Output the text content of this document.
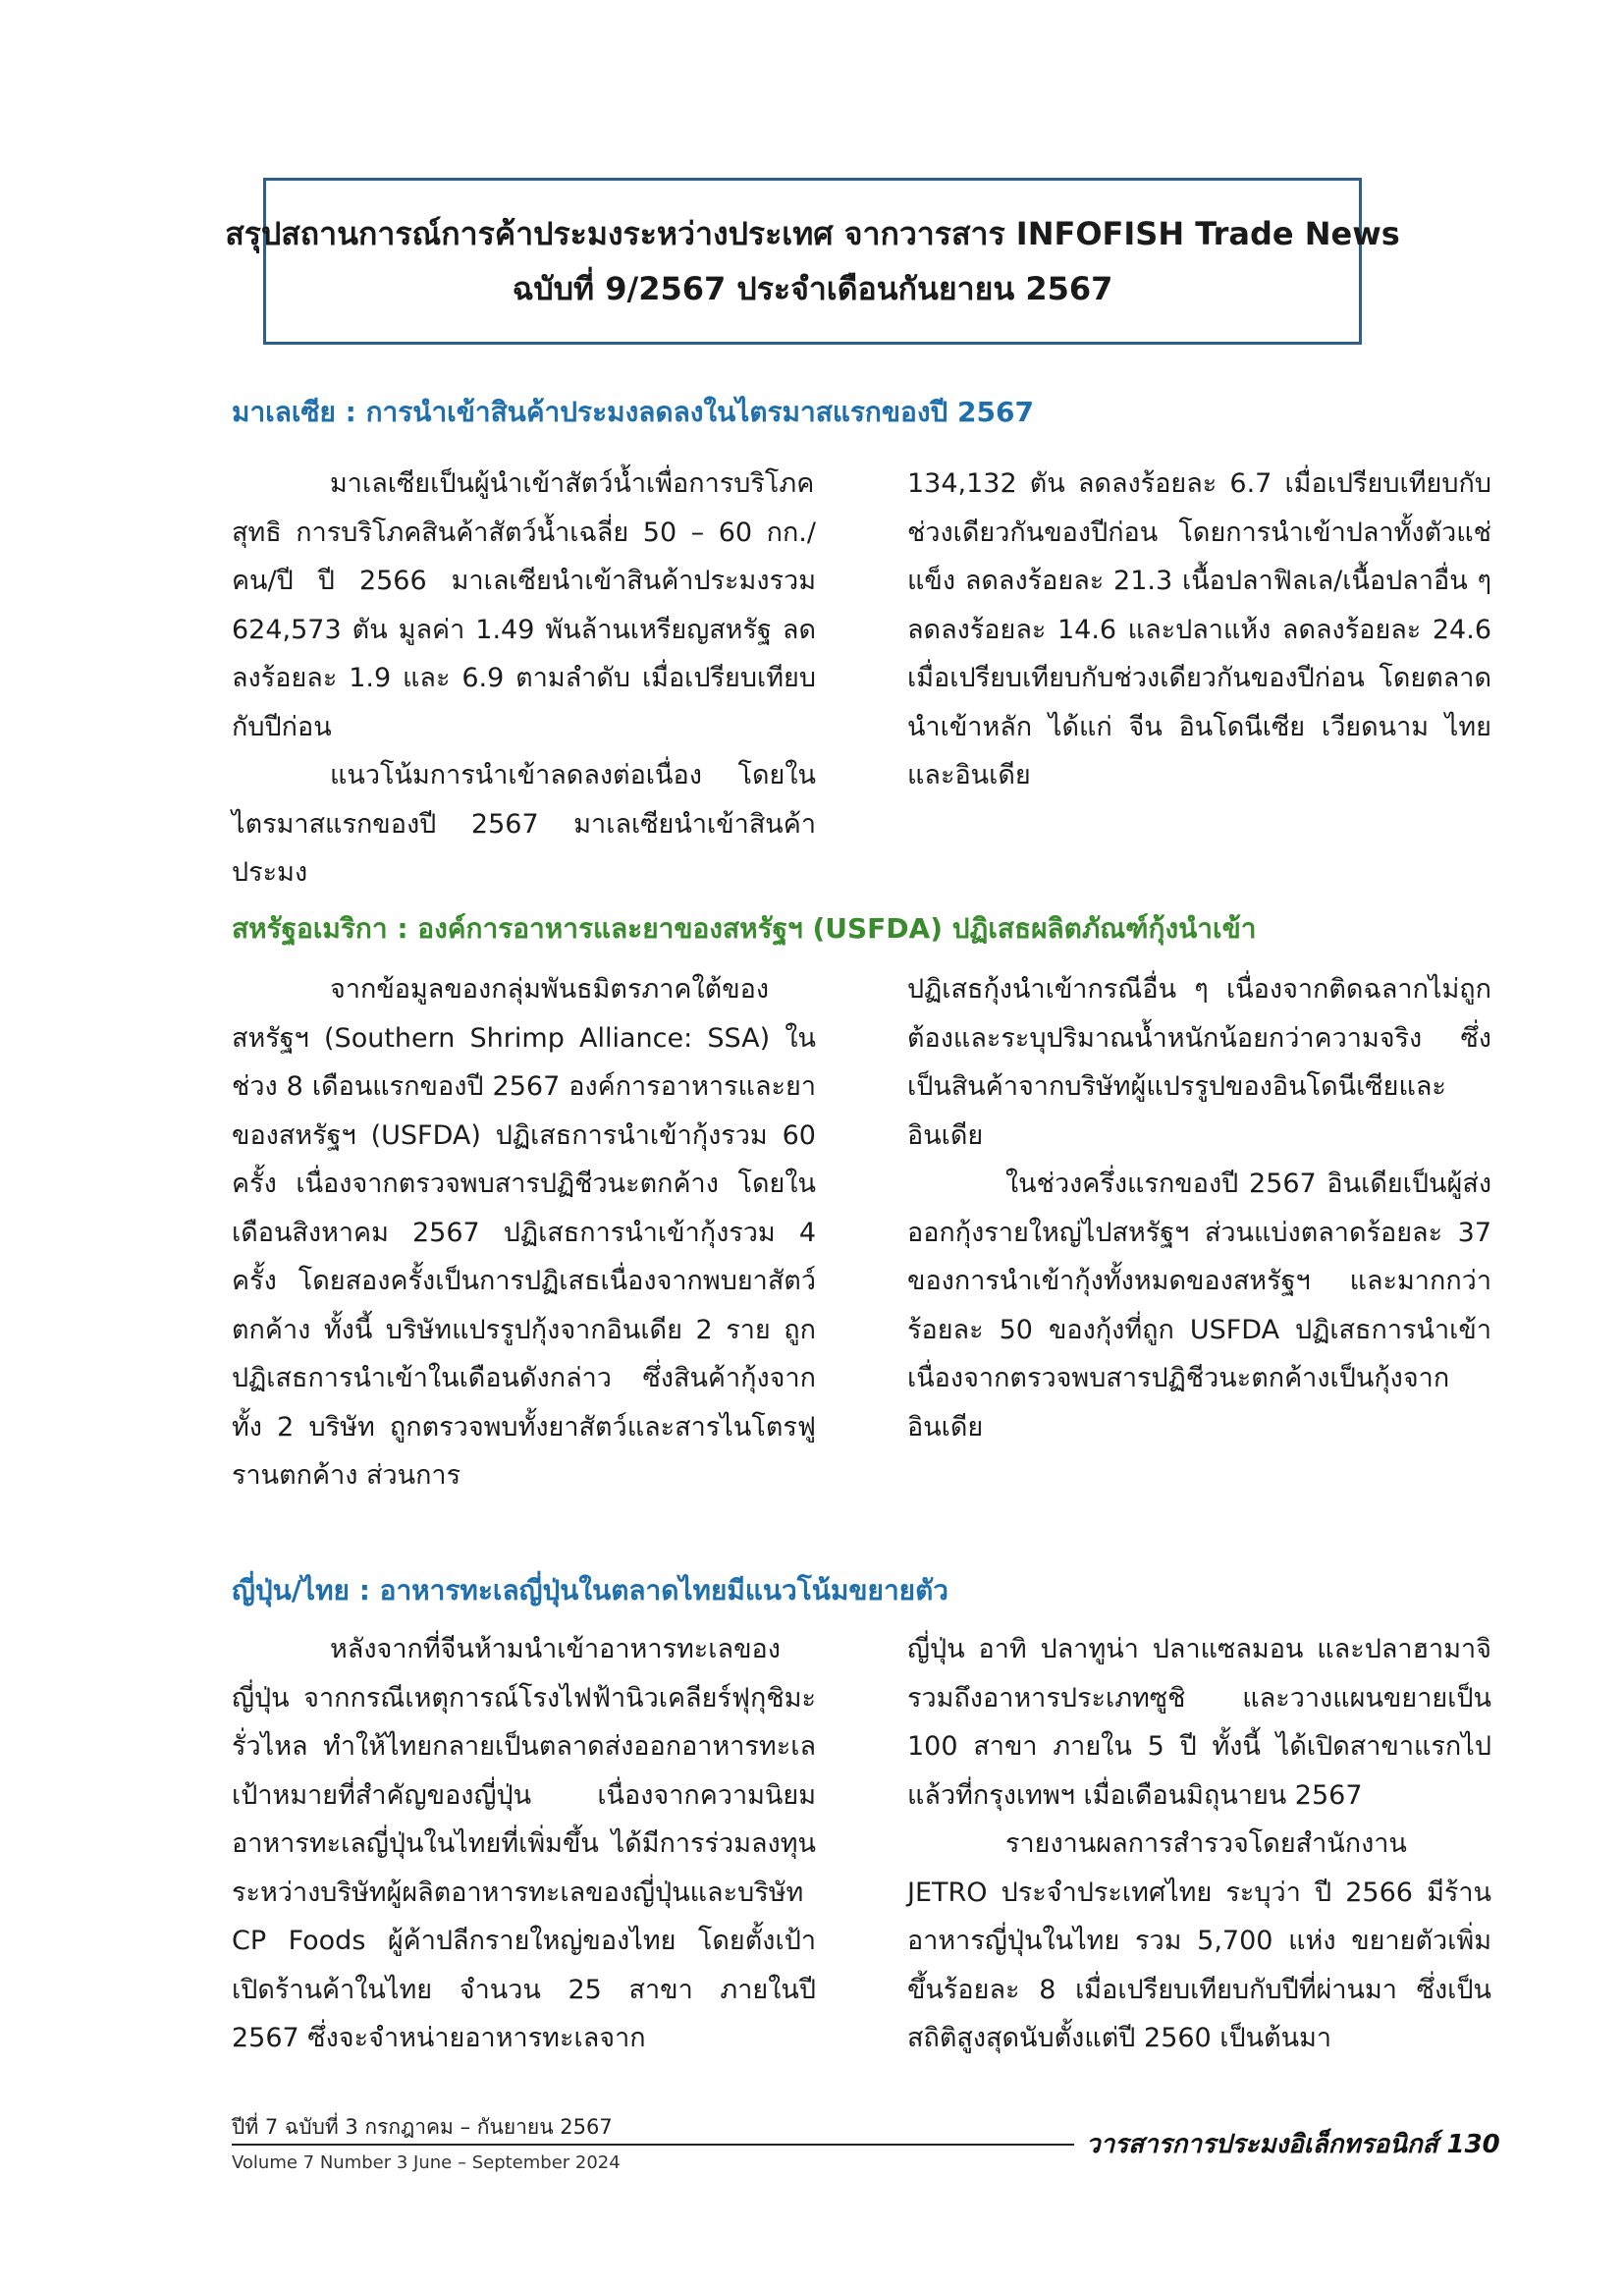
สรุปสถานการณ์การค้าประมงระหว่างประเทศ จากวารสาร INFOFISH Trade News
ฉบับที่ 9/2567 ประจำเดือนกันยายน 2567
มาเลเซีย : การนำเข้าสินค้าประมงลดลงในไตรมาสแรกของปี 2567

มาเลเซียเป็นผู้นำเข้าสัตว์น้ำเพื่อการบริโภคสุทธิ การบริโภคสินค้าสัตว์น้ำเฉลี่ย 50 – 60 กก./คน/ปี ปี 2566 มาเลเซียนำเข้าสินค้าประมงรวม 624,573 ตัน มูลค่า 1.49 พันล้านเหรียญสหรัฐ ลดลงร้อยละ 1.9 และ 6.9 ตามลำดับ เมื่อเปรียบเทียบกับปีก่อน

แนวโน้มการนำเข้าลดลงต่อเนื่อง โดยในไตรมาสแรกของปี 2567 มาเลเซียนำเข้าสินค้าประมง

134,132 ตัน ลดลงร้อยละ 6.7 เมื่อเปรียบเทียบกับช่วงเดียวกันของปีก่อน โดยการนำเข้าปลาทั้งตัวแช่แข็ง ลดลงร้อยละ 21.3 เนื้อปลาฟิลเล/เนื้อปลาอื่น ๆ ลดลงร้อยละ 14.6 และปลาแห้ง ลดลงร้อยละ 24.6 เมื่อเปรียบเทียบกับช่วงเดียวกันของปีก่อน โดยตลาดนำเข้าหลัก ได้แก่ จีน อินโดนีเซีย เวียดนาม ไทย และอินเดีย

สหรัฐอเมริกา : องค์การอาหารและยาของสหรัฐฯ (USFDA) ปฏิเสธผลิตภัณฑ์กุ้งนำเข้า

จากข้อมูลของกลุ่มพันธมิตรภาคใต้ของสหรัฐฯ (Southern Shrimp Alliance: SSA) ในช่วง 8 เดือนแรกของปี 2567 องค์การอาหารและยาของสหรัฐฯ (USFDA) ปฏิเสธการนำเข้ากุ้งรวม 60 ครั้ง เนื่องจากตรวจพบสารปฏิชีวนะตกค้าง โดยในเดือนสิงหาคม 2567 ปฏิเสธการนำเข้ากุ้งรวม 4 ครั้ง โดยสองครั้งเป็นการปฏิเสธเนื่องจากพบยาสัตว์ตกค้าง ทั้งนี้ บริษัทแปรรูปกุ้งจากอินเดีย 2 ราย ถูกปฏิเสธการนำเข้าในเดือนดังกล่าว ซึ่งสินค้ากุ้งจากทั้ง 2 บริษัท ถูกตรวจพบทั้งยาสัตว์และสารไนโตรฟูรานตกค้าง ส่วนการ

ปฏิเสธกุ้งนำเข้ากรณีอื่น ๆ เนื่องจากติดฉลากไม่ถูกต้องและระบุปริมาณน้ำหนักน้อยกว่าความจริง ซึ่งเป็นสินค้าจากบริษัทผู้แปรรูปของอินโดนีเซียและอินเดีย

ในช่วงครึ่งแรกของปี 2567 อินเดียเป็นผู้ส่งออกกุ้งรายใหญ่ไปสหรัฐฯ ส่วนแบ่งตลาดร้อยละ 37 ของการนำเข้ากุ้งทั้งหมดของสหรัฐฯ และมากกว่าร้อยละ 50 ของกุ้งที่ถูก USFDA ปฏิเสธการนำเข้าเนื่องจากตรวจพบสารปฏิชีวนะตกค้างเป็นกุ้งจากอินเดีย

ญี่ปุ่น/ไทย : อาหารทะเลญี่ปุ่นในตลาดไทยมีแนวโน้มขยายตัว

หลังจากที่จีนห้ามนำเข้าอาหารทะเลของญี่ปุ่น จากกรณีเหตุการณ์โรงไฟฟ้านิวเคลียร์ฟุกุชิมะรั่วไหล ทำให้ไทยกลายเป็นตลาดส่งออกอาหารทะเลเป้าหมายที่สำคัญของญี่ปุ่น เนื่องจากความนิยมอาหารทะเลญี่ปุ่นในไทยที่เพิ่มขึ้น ได้มีการร่วมลงทุนระหว่างบริษัทผู้ผลิตอาหารทะเลของญี่ปุ่นและบริษัท CP Foods ผู้ค้าปลีกรายใหญ่ของไทย โดยตั้งเป้าเปิดร้านค้าในไทย จำนวน 25 สาขา ภายในปี 2567 ซึ่งจะจำหน่ายอาหารทะเลจาก

ญี่ปุ่น อาทิ ปลาทูน่า ปลาแซลมอน และปลาฮามาจิ รวมถึงอาหารประเภทซูชิ และวางแผนขยายเป็น 100 สาขา ภายใน 5 ปี ทั้งนี้ ได้เปิดสาขาแรกไปแล้วที่กรุงเทพฯ เมื่อเดือนมิถุนายน 2567

รายงานผลการสำรวจโดยสำนักงาน JETRO ประจำประเทศไทย ระบุว่า ปี 2566 มีร้านอาหารญี่ปุ่นในไทย รวม 5,700 แห่ง ขยายตัวเพิ่มขึ้นร้อยละ 8 เมื่อเปรียบเทียบกับปีที่ผ่านมา ซึ่งเป็นสถิติสูงสุดนับตั้งแต่ปี 2560 เป็นต้นมา

ปีที่ 7 ฉบับที่ 3 กรกฎาคม – กันยายน 2567
Volume 7 Number 3 June – September 2024
วารสารการประมงอิเล็กทรอนิกส์ 130
